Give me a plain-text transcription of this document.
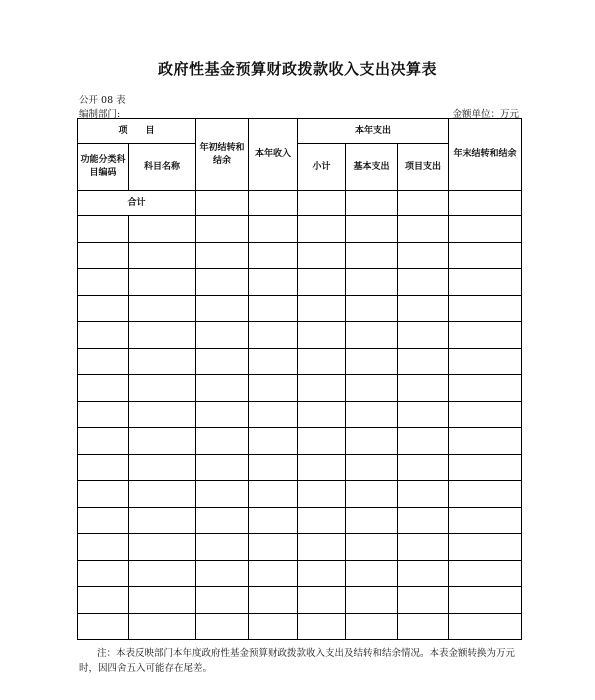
政府性基金预算财政拨款收入支出决算表
公开 08 表
编制部门:	金额单位：万元
项　　目		年初结转和结余	本年收入	本年支出			年末结转和结余
功能分类科目编码	科目名称			小计	基本支出	项目支出	
合计							

注：本表反映部门本年度政府性基金预算财政拨款收入支出及结转和结余情况。本表金额转换为万元时，因四舍五入可能存在尾差。
